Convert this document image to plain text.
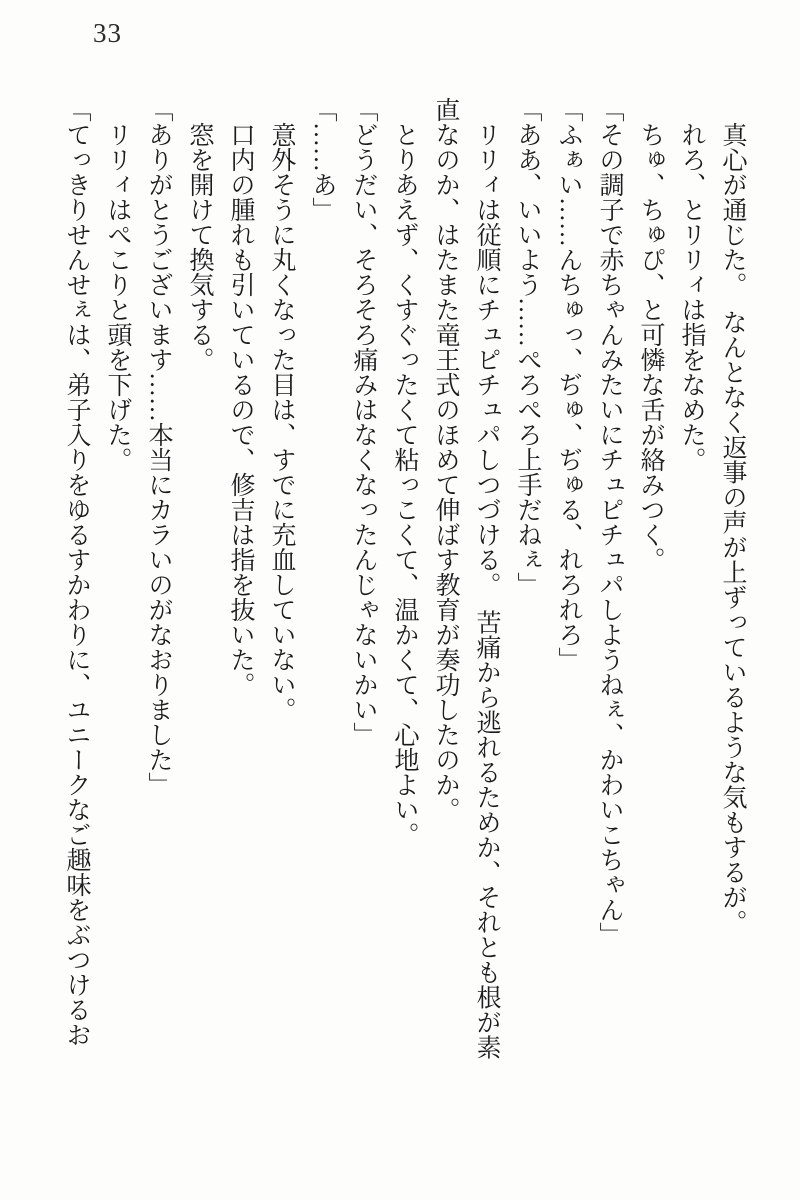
33

　真心が通じた。　なんとなく返事の声が上ずっているような気もするが。

　れろ、とリリィは指をなめた。

　ちゅ、ちゅぴ、と可憐な舌が絡みつく。

「その調子で赤ちゃんみたいにチュピチュパしようねぇ、かわいこちゃん」

「ふぁい……んちゅっ、ぢゅ、ぢゅる、れろれろ」

「ああ、いいよう……ぺろぺろ上手だねぇ」

　リリィは従順にチュピチュパしつづける。　苦痛から逃れるためか、それとも根が素直なのか、はたまた竜王式のほめて伸ばす教育が奏功したのか。

　とりあえず、くすぐったくて粘っこくて、温かくて、心地よい。

「どうだい、そろそろ痛みはなくなったんじゃないかい」

「……あ」

　意外そうに丸くなった目は、すでに充血していない。

　口内の腫れも引いているので、修吉は指を抜いた。

　窓を開けて換気する。

「ありがとうございます……本当にカラいのがなおりました」

　リリィはぺこりと頭を下げた。

「てっきりせんせぇは、弟子入りをゆるすかわりに、ユニークなご趣味をぶつけるお
